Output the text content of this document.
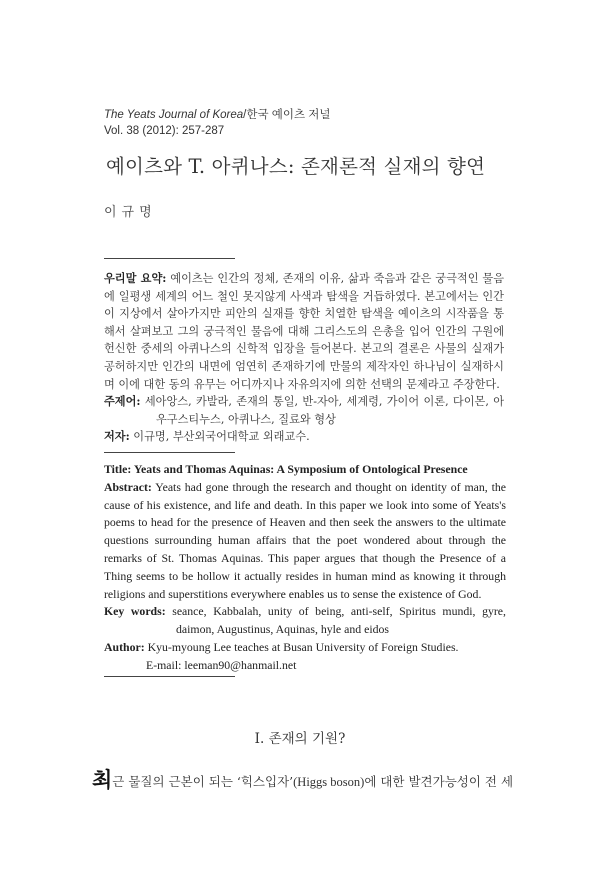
The Yeats Journal of Korea/한국 예이츠 저널
Vol. 38 (2012): 257-287
예이츠와 T. 아퀴나스: 존재론적 실재의 향연
이규명

우리말 요약: 예이츠는 인간의 정체, 존재의 이유, 삶과 죽음과 같은 궁극적인 물음에 일평생 세계의 어느 철인 못지않게 사색과 탐색을 거듭하였다. 본고에서는 인간이 지상에서 살아가지만 피안의 실재를 향한 치열한 탐색을 예이츠의 시작품을 통해서 살펴보고 그의 궁극적인 물음에 대해 그리스도의 은총을 입어 인간의 구원에 헌신한 중세의 아퀴나스의 신학적 입장을 들어본다. 본고의 결론은 사물의 실재가 공허하지만 인간의 내면에 엄연히 존재하기에 만물의 제작자인 하나님이 실재하시며 이에 대한 동의 유무는 어디까지나 자유의지에 의한 선택의 문제라고 주장한다.

주제어: 세아앙스, 카발라, 존재의 통일, 반-자아, 세계령, 가이어 이론, 다이몬, 아우구스티누스, 아퀴나스, 질료와 형상

저자: 이규명, 부산외국어대학교 외래교수.

Title: Yeats and Thomas Aquinas: A Symposium of Ontological Presence

Abstract: Yeats had gone through the research and thought on identity of man, the cause of his existence, and life and death. In this paper we look into some of Yeats's poems to head for the presence of Heaven and then seek the answers to the ultimate questions surrounding human affairs that the poet wondered about through the remarks of St. Thomas Aquinas. This paper argues that though the Presence of a Thing seems to be hollow it actually resides in human mind as knowing it through religions and superstitions everywhere enables us to sense the existence of God.

Key words: seance, Kabbalah, unity of being, anti-self, Spiritus mundi, gyre, daimon, Augustinus, Aquinas, hyle and eidos

Author: Kyu-myoung Lee teaches at Busan University of Foreign Studies.

E-mail: leeman90@hanmail.net

I. 존재의 기원?
최근 물질의 근본이 되는 ‘힉스입자’(Higgs boson)에 대한 발견가능성이 전 세
